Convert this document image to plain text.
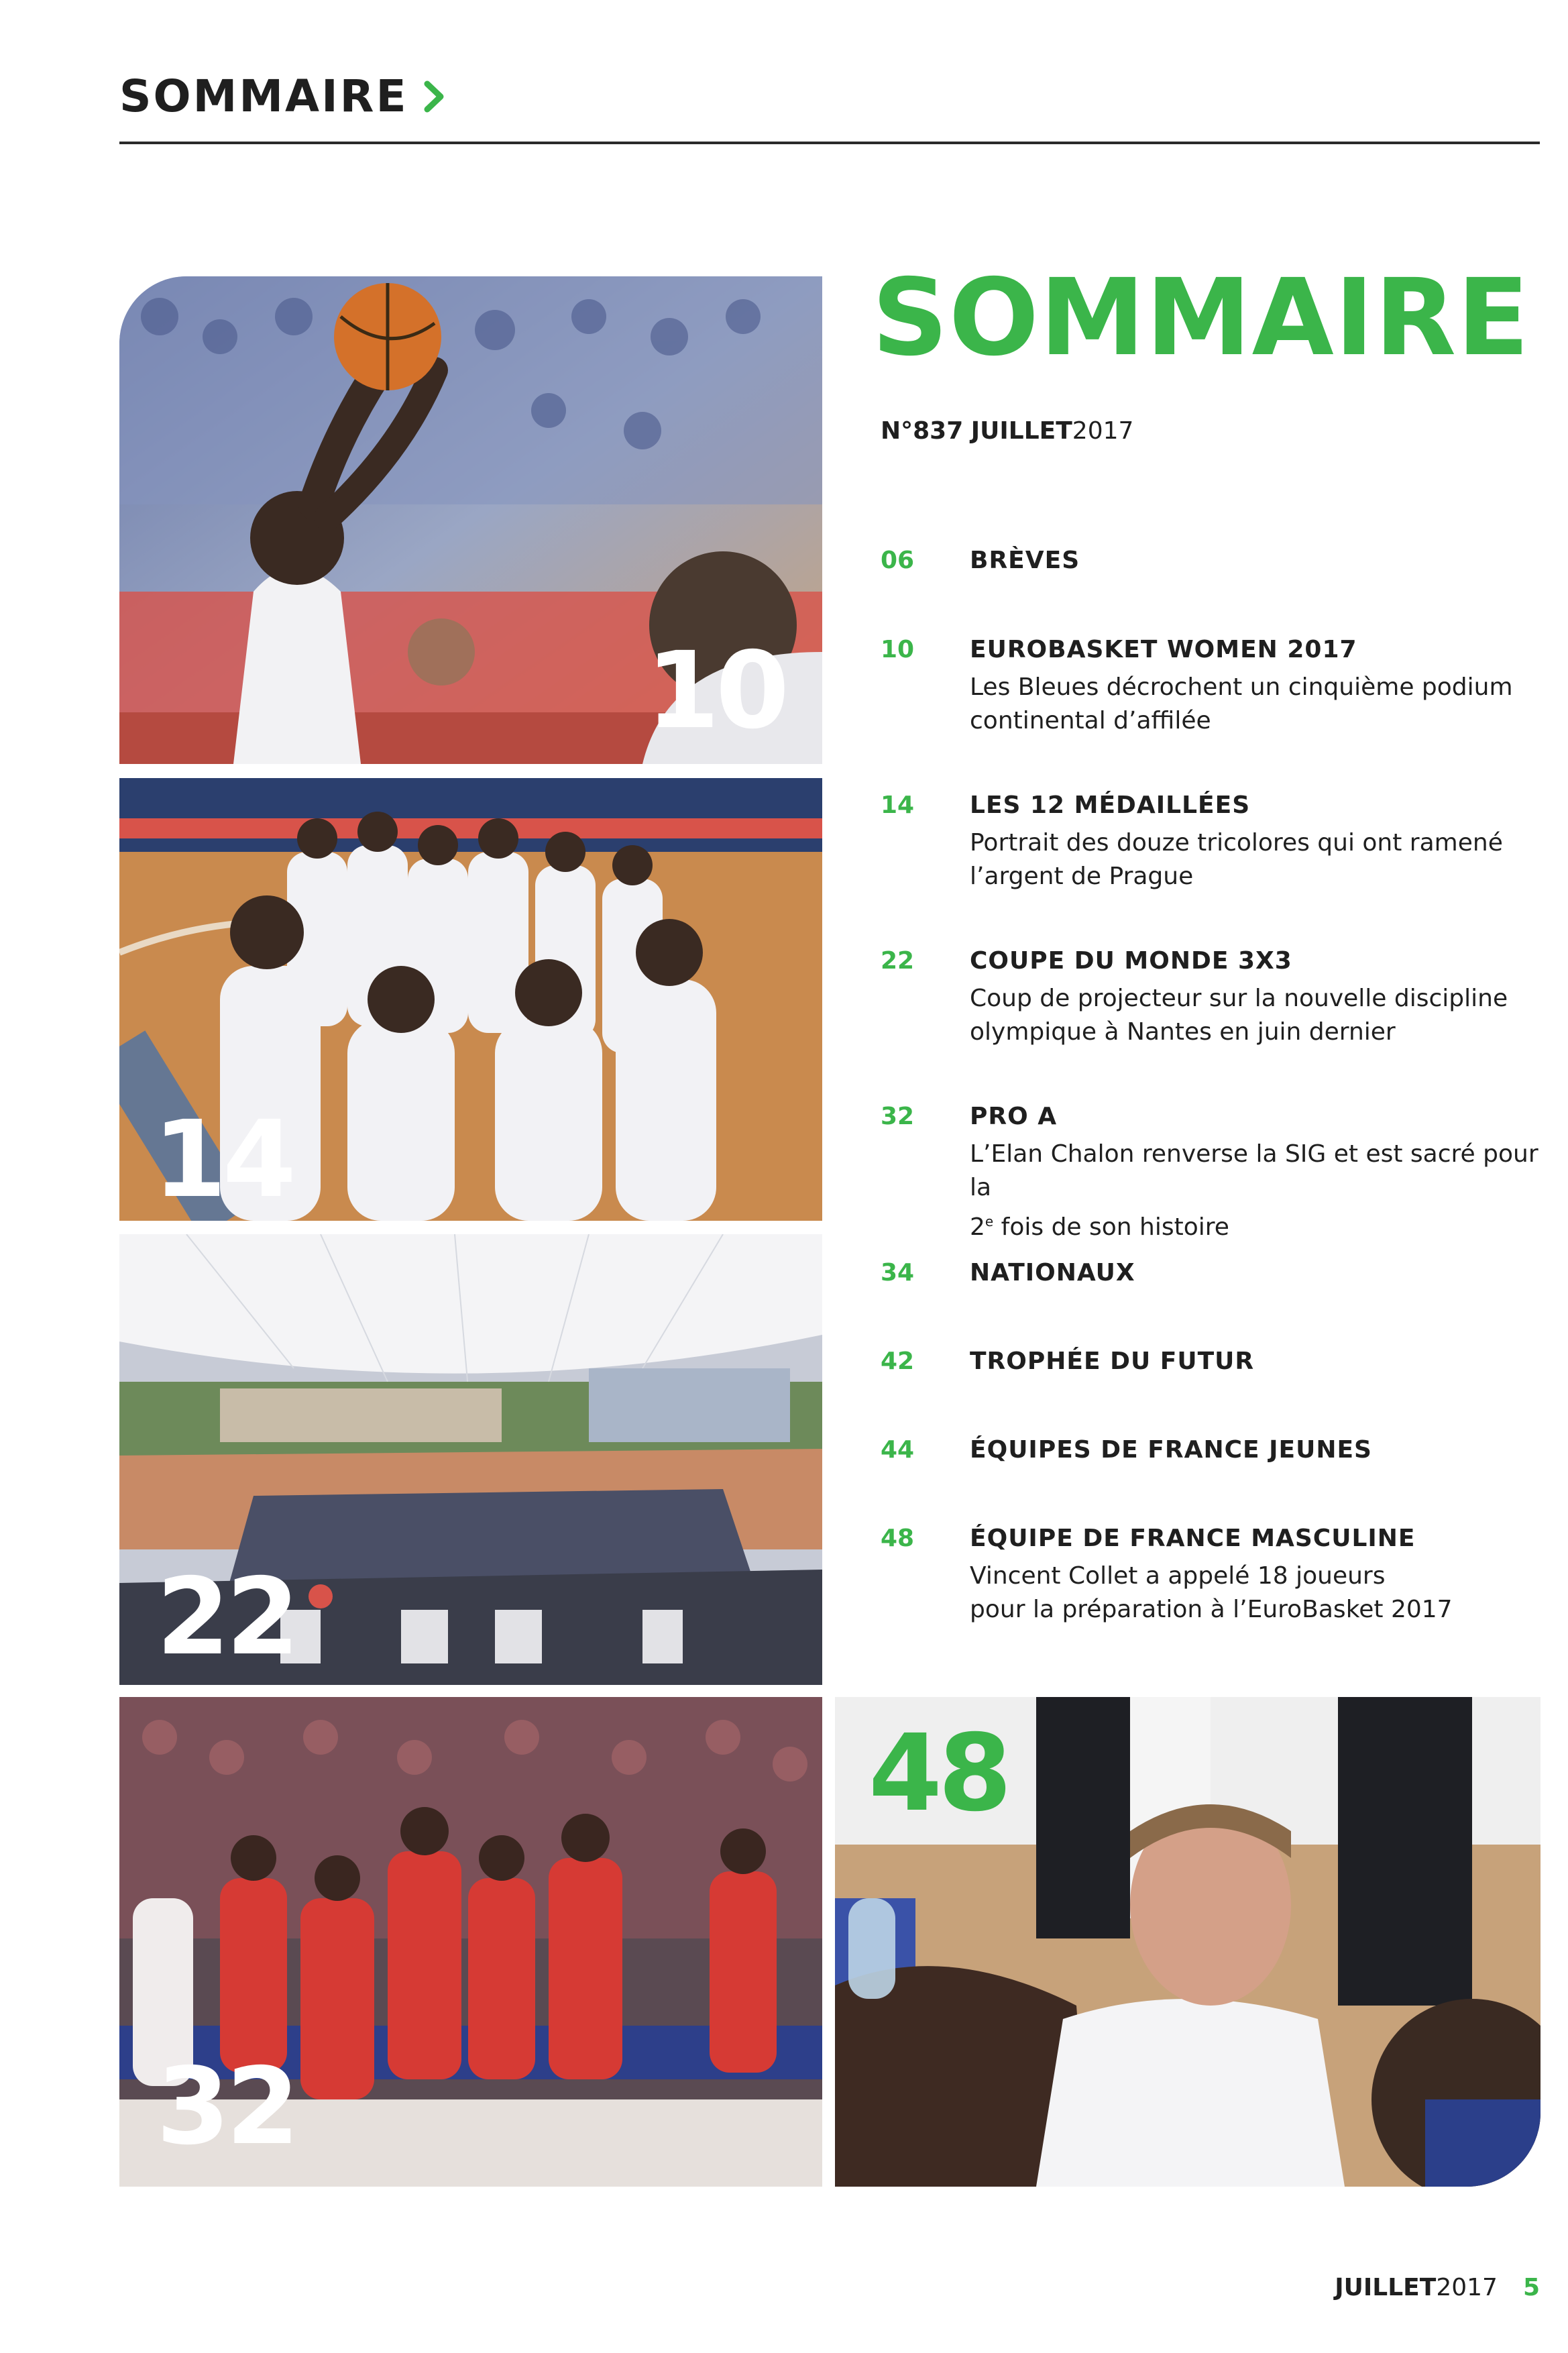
SOMMAIRE
10
14
22
32
48
SOMMAIRE
N°837 JUILLET2017
06 BRÈVES
10 EUROBASKET WOMEN 2017
Les Bleues décrochent un cinquième podium
continental d’affilée
14 LES 12 MÉDAILLÉES
Portrait des douze tricolores qui ont ramené
l’argent de Prague
22 COUPE DU MONDE 3X3
Coup de projecteur sur la nouvelle discipline
olympique à Nantes en juin dernier
32 PRO A
L’Elan Chalon renverse la SIG et est sacré pour la
2e fois de son histoire
34 NATIONAUX
42 TROPHÉE DU FUTUR
44 ÉQUIPES DE FRANCE JEUNES
48 ÉQUIPE DE FRANCE MASCULINE
Vincent Collet a appelé 18 joueurs
pour la préparation à l’EuroBasket 2017
JUILLET 2017 5
